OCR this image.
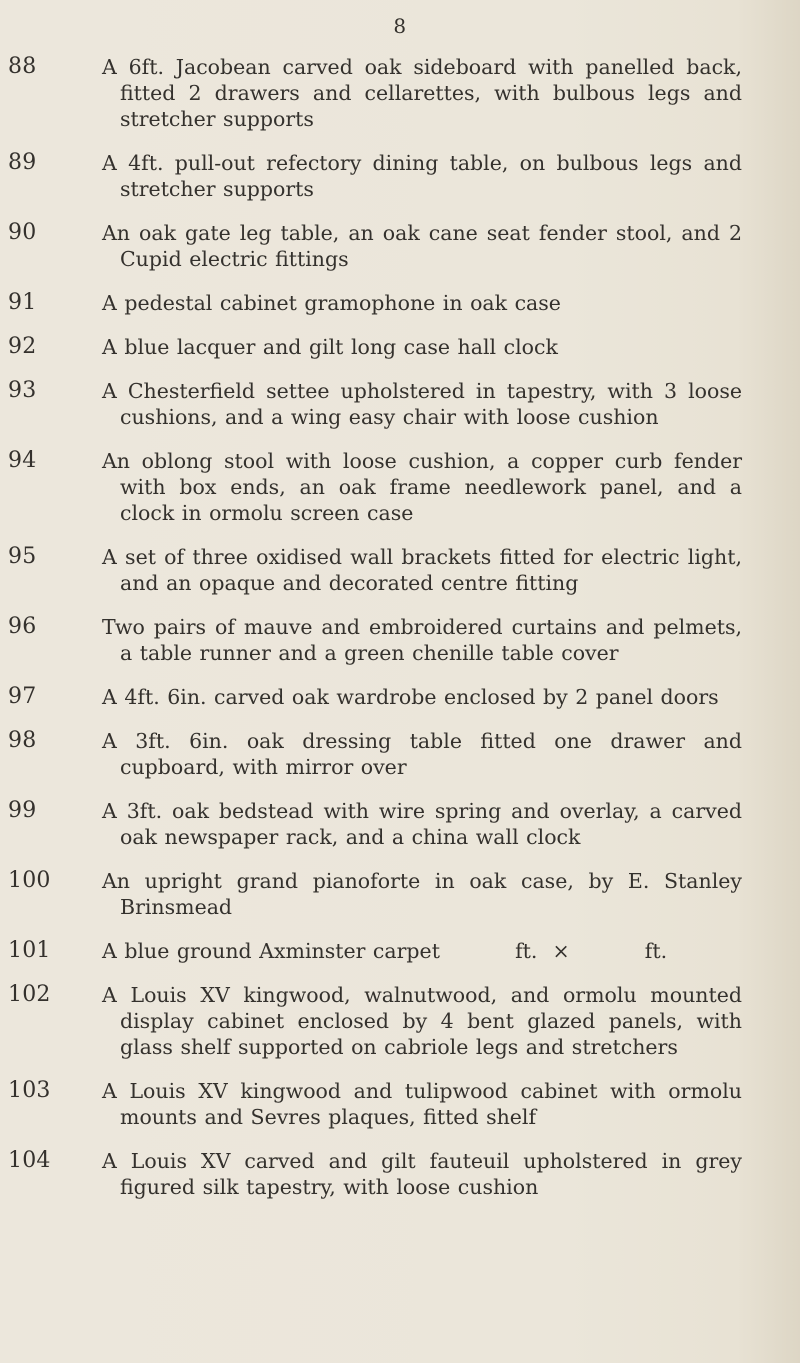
8
88	A 6ft. Jacobean carved oak sideboard with panelled back, fitted 2 drawers and cellarettes, with bulbous legs and stretcher supports
89	A 4ft. pull-out refectory dining table, on bulbous legs and stretcher supports
90	An oak gate leg table, an oak cane seat fender stool, and 2 Cupid electric fittings
91	A pedestal cabinet gramophone in oak case
92	A blue lacquer and gilt long case hall clock
93	A Chesterfield settee upholstered in tapestry, with 3 loose cushions, and a wing easy chair with loose cushion
94	An oblong stool with loose cushion, a copper curb fender with box ends, an oak frame needlework panel, and a clock in ormolu screen case
95	A set of three oxidised wall brackets fitted for electric light, and an opaque and decorated centre fitting
96	Two pairs of mauve and embroidered curtains and pelmets, a table runner and a green chenille table cover
97	A 4ft. 6in. carved oak wardrobe enclosed by 2 panel doors
98	A 3ft. 6in. oak dressing table fitted one drawer and cupboard, with mirror over
99	A 3ft. oak bedstead with wire spring and overlay, a carved oak newspaper rack, and a china wall clock
100	An upright grand pianoforte in oak case, by E. Stanley Brinsmead
101	A blue ground Axminster carpet          ft.  ×          ft.
102	A Louis XV kingwood, walnutwood, and ormolu mounted display cabinet enclosed by 4 bent glazed panels, with glass shelf supported on cabriole legs and stretchers
103	A Louis XV kingwood and tulipwood cabinet with ormolu mounts and Sevres plaques, fitted shelf
104	A Louis XV carved and gilt fauteuil upholstered in grey figured silk tapestry, with loose cushion
